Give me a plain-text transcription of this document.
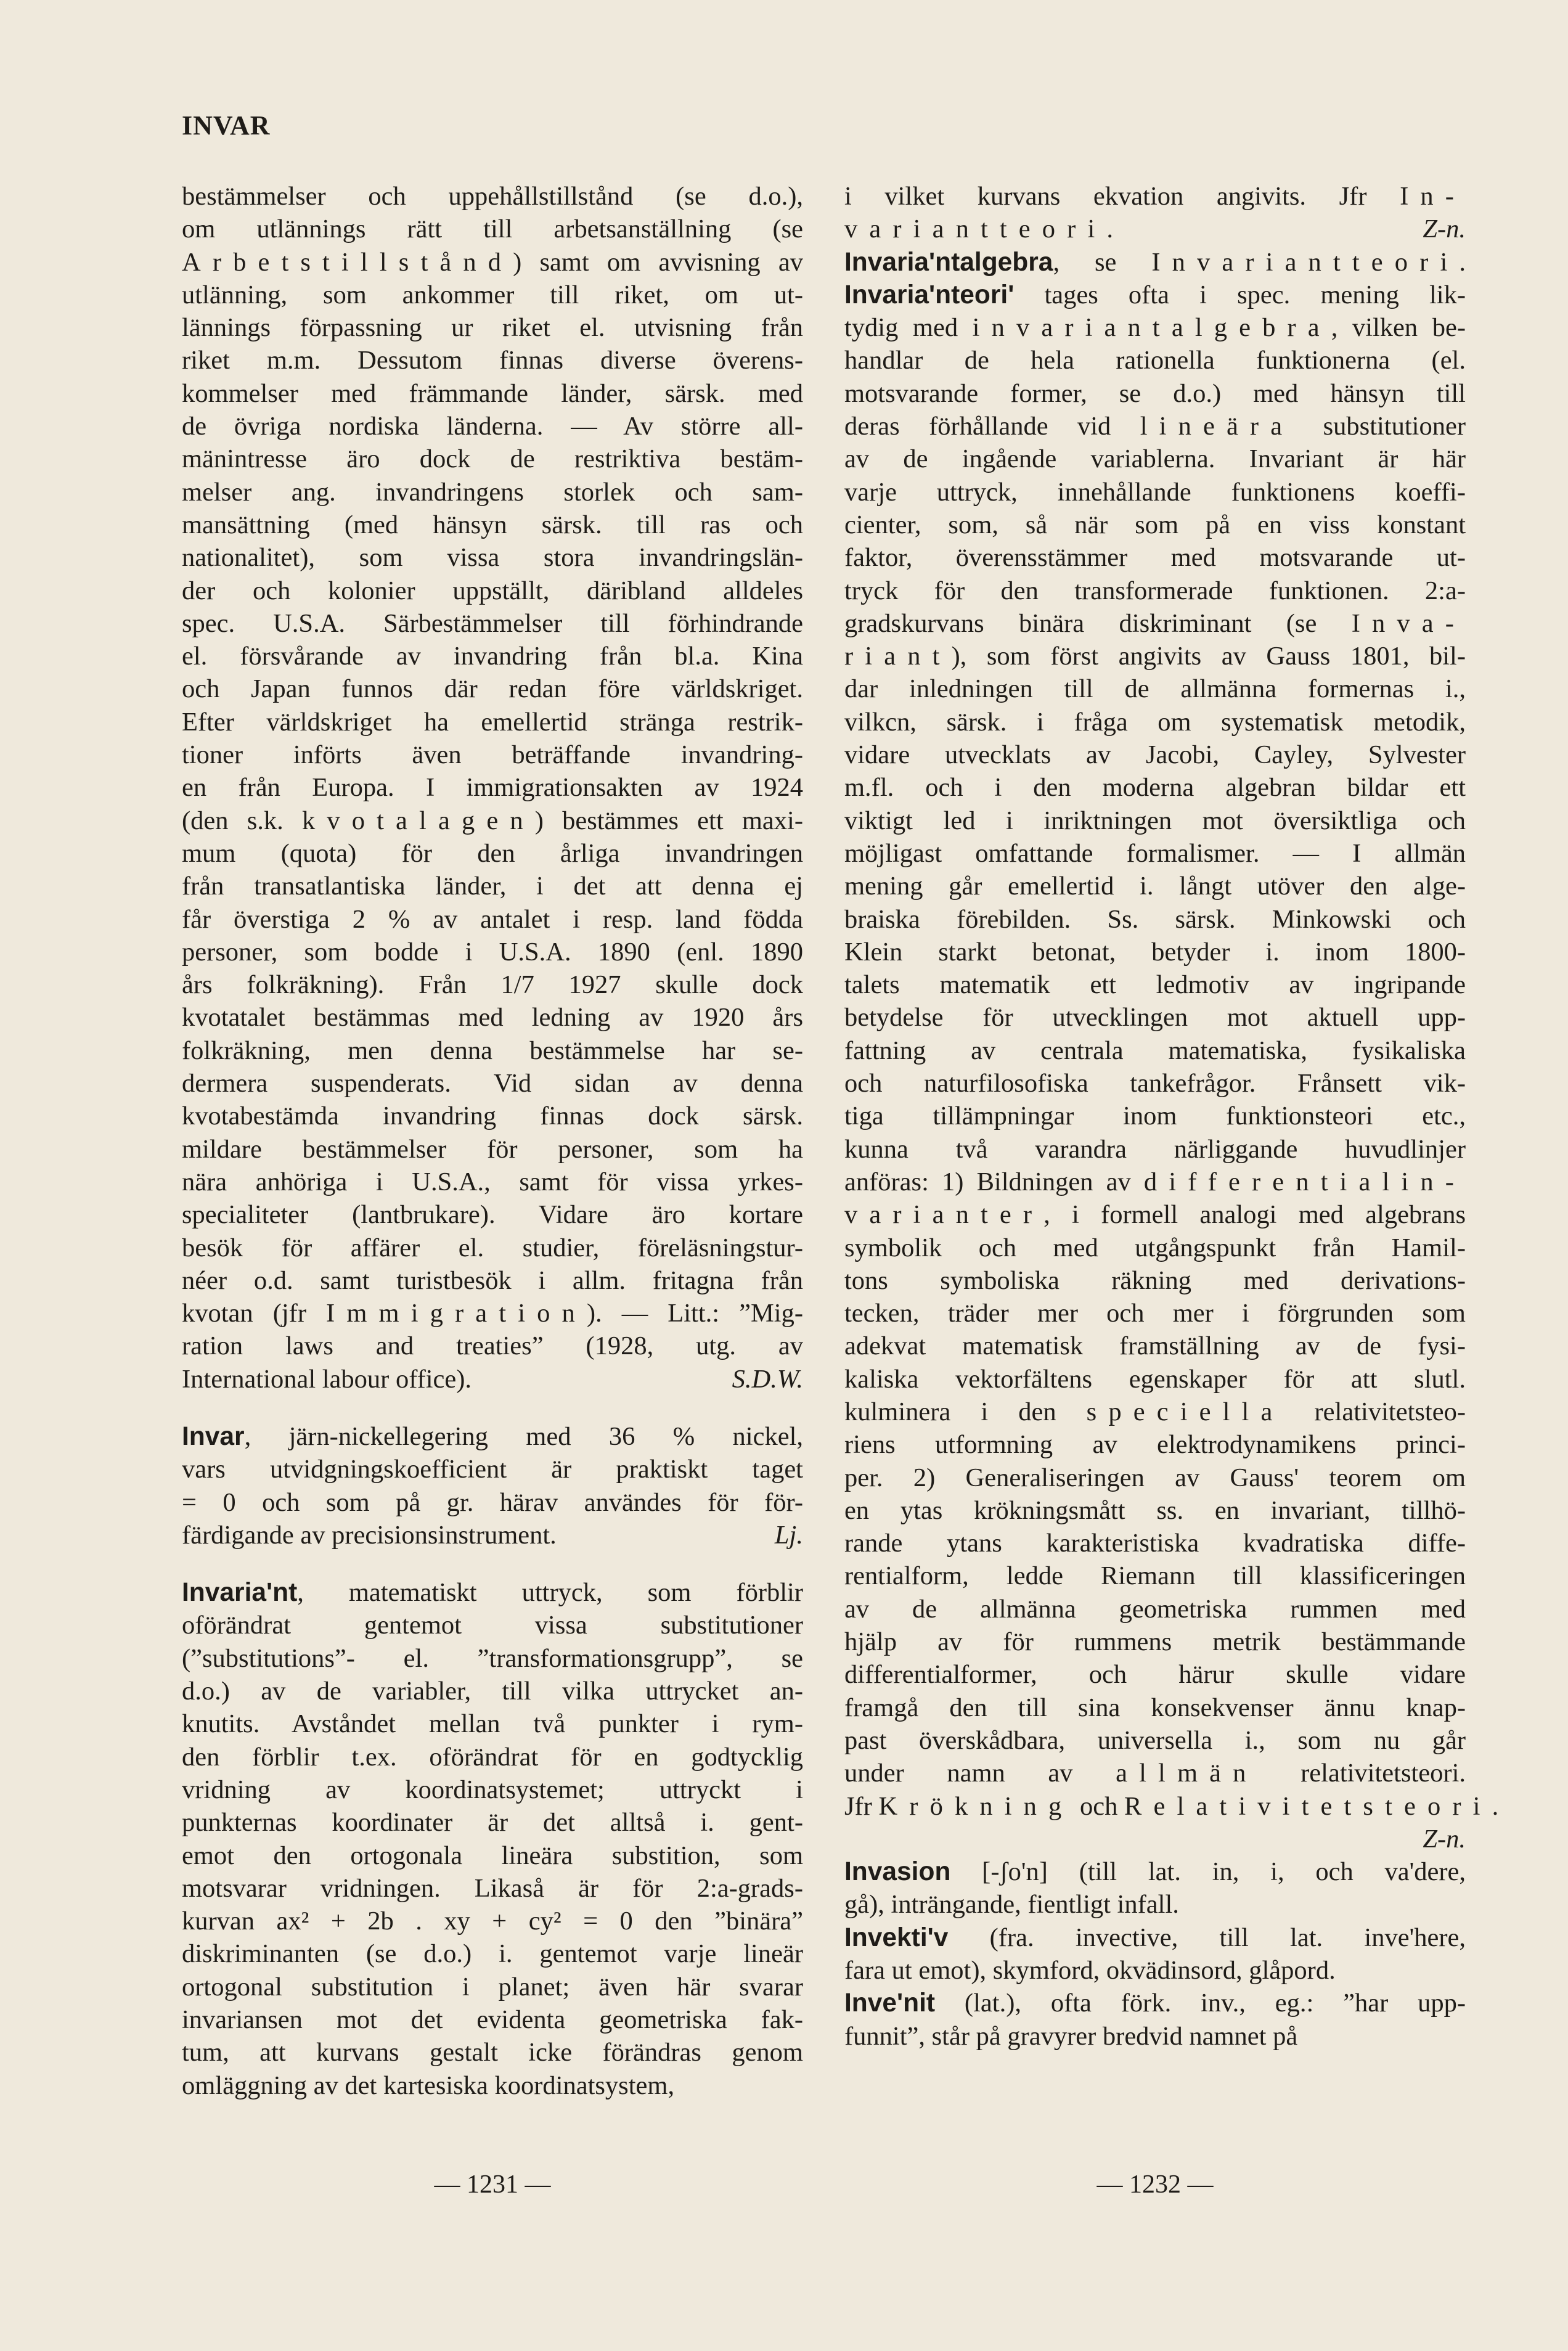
INVAR
bestämmelser och uppehållstillstånd (se d.o.),
om utlännings rätt till arbetsanställning (se
Arbetstillstånd) samt om avvisning av
utlänning, som ankommer till riket, om ut-
lännings förpassning ur riket el. utvisning från
riket m.m. Dessutom finnas diverse överens-
kommelser med främmande länder, särsk. med
de övriga nordiska länderna. — Av större all-
mänintresse äro dock de restriktiva bestäm-
melser ang. invandringens storlek och sam-
mansättning (med hänsyn särsk. till ras och
nationalitet), som vissa stora invandringslän-
der och kolonier uppställt, däribland alldeles
spec. U.S.A. Särbestämmelser till förhindrande
el. försvårande av invandring från bl.a. Kina
och Japan funnos där redan före världskriget.
Efter världskriget ha emellertid stränga restrik-
tioner införts även beträffande invandring-
en från Europa. I immigrationsakten av 1924
(den s.k. kvotalagen) bestämmes ett maxi-
mum (quota) för den årliga invandringen
från transatlantiska länder, i det att denna ej
får överstiga 2 % av antalet i resp. land födda
personer, som bodde i U.S.A. 1890 (enl. 1890
års folkräkning). Från 1/7 1927 skulle dock
kvotatalet bestämmas med ledning av 1920 års
folkräkning, men denna bestämmelse har se-
dermera suspenderats. Vid sidan av denna
kvotabestämda invandring finnas dock särsk.
mildare bestämmelser för personer, som ha
nära anhöriga i U.S.A., samt för vissa yrkes-
specialiteter (lantbrukare). Vidare äro kortare
besök för affärer el. studier, föreläsningstur-
néer o.d. samt turistbesök i allm. fritagna från
kvotan (jfr Immigration). — Litt.: ”Mig-
ration laws and treaties” (1928, utg. av
International labour office).	S.D.W.
Invar, järn-nickellegering med 36 % nickel,
vars utvidgningskoefficient är praktiskt taget
= 0 och som på gr. härav användes för för-
färdigande av precisionsinstrument.	Lj.
Invaria'nt, matematiskt uttryck, som förblir
oförändrat gentemot vissa substitutioner
(”substitutions”- el. ”transformationsgrupp”, se
d.o.) av de variabler, till vilka uttrycket an-
knutits. Avståndet mellan två punkter i rym-
den förblir t.ex. oförändrat för en godtycklig
vridning av koordinatsystemet; uttryckt i
punkternas koordinater är det alltså i. gent-
emot den ortogonala lineära substition, som
motsvarar vridningen. Likaså är för 2:a-grads-
kurvan ax² + 2b . xy + cy² = 0 den ”binära”
diskriminanten (se d.o.) i. gentemot varje lineär
ortogonal substitution i planet; även här svarar
invariansen mot det evidenta geometriska fak-
tum, att kurvans gestalt icke förändras genom
omläggning av det kartesiska koordinatsystem,
i vilket kurvans ekvation angivits. Jfr In-
variantteori.	Z-n.
Invaria'ntalgebra, se Invariantteori.
Invaria'nteori' tages ofta i spec. mening lik-
tydig med invariantalgebra, vilken be-
handlar de hela rationella funktionerna (el.
motsvarande former, se d.o.) med hänsyn till
deras förhållande vid lineära substitutioner
av de ingående variablerna. Invariant är här
varje uttryck, innehållande funktionens koeffi-
cienter, som, så när som på en viss konstant
faktor, överensstämmer med motsvarande ut-
tryck för den transformerade funktionen. 2:a-
gradskurvans binära diskriminant (se Inva-
riant), som först angivits av Gauss 1801, bil-
dar inledningen till de allmänna formernas i.,
vilkcn, särsk. i fråga om systematisk metodik,
vidare utvecklats av Jacobi, Cayley, Sylvester
m.fl. och i den moderna algebran bildar ett
viktigt led i inriktningen mot översiktliga och
möjligast omfattande formalismer. — I allmän
mening går emellertid i. långt utöver den alge-
braiska förebilden. Ss. särsk. Minkowski och
Klein starkt betonat, betyder i. inom 1800-
talets matematik ett ledmotiv av ingripande
betydelse för utvecklingen mot aktuell upp-
fattning av centrala matematiska, fysikaliska
och naturfilosofiska tankefrågor. Frånsett vik-
tiga tillämpningar inom funktionsteori etc.,
kunna två varandra närliggande huvudlinjer
anföras: 1) Bildningen av differentialin-
varianter, i formell analogi med algebrans
symbolik och med utgångspunkt från Hamil-
tons symboliska räkning med derivations-
tecken, träder mer och mer i förgrunden som
adekvat matematisk framställning av de fysi-
kaliska vektorfältens egenskaper för att slutl.
kulminera i den speciella relativitetsteo-
riens utformning av elektrodynamikens princi-
per. 2) Generaliseringen av Gauss' teorem om
en ytas krökningsmått ss. en invariant, tillhö-
rande ytans karakteristiska kvadratiska diffe-
rentialform, ledde Riemann till klassificeringen
av de allmänna geometriska rummen med
hjälp av för rummens metrik bestämmande
differentialformer, och härur skulle vidare
framgå den till sina konsekvenser ännu knap-
past överskådbara, universella i., som nu går
under namn av allmän relativitetsteori.
Jfr Krökning och Relativitetsteori.
Z-n.
Invasion [-ʃo'n] (till lat. in, i, och va'dere,
gå), inträngande, fientligt infall.
Invekti'v (fra. invective, till lat. inve'here,
fara ut emot), skymford, okvädinsord, glåpord.
Inve'nit (lat.), ofta förk. inv., eg.: ”har upp-
funnit”, står på gravyrer bredvid namnet på
— 1231 —	— 1232 —
